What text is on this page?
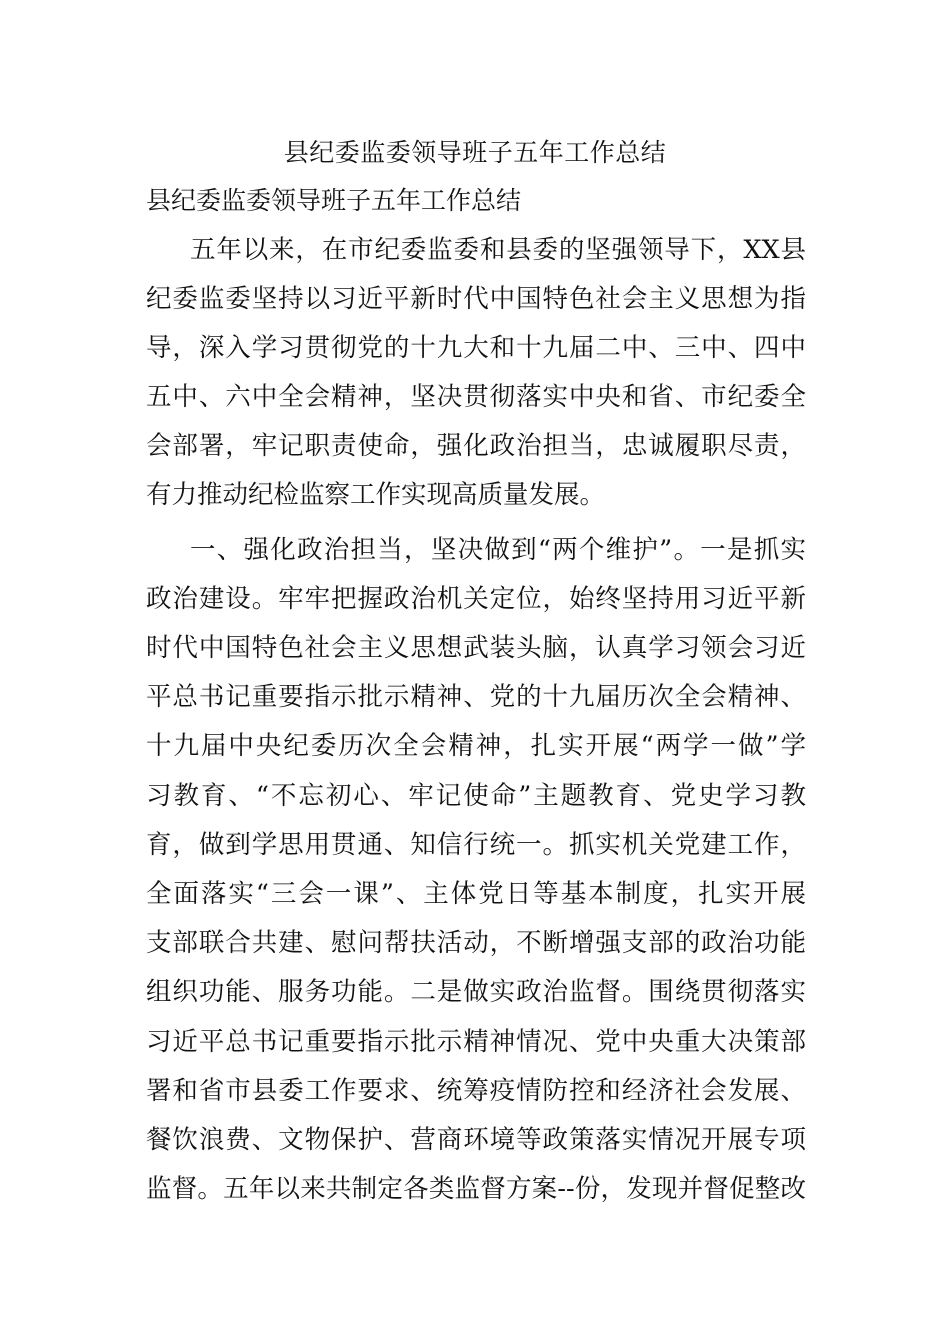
县纪委监委领导班子五年工作总结
县纪委监委领导班子五年工作总结
五年以来，在市纪委监委和县委的坚强领导下，XX县
纪委监委坚持以习近平新时代中国特色社会主义思想为指
导，深入学习贯彻党的十九大和十九届二中、三中、四中
五中、六中全会精神，坚决贯彻落实中央和省、市纪委全
会部署，牢记职责使命，强化政治担当，忠诚履职尽责，
有力推动纪检监察工作实现高质量发展。
一、强化政治担当，坚决做到“两个维护”。一是抓实
政治建设。牢牢把握政治机关定位，始终坚持用习近平新
时代中国特色社会主义思想武装头脑，认真学习领会习近
平总书记重要指示批示精神、党的十九届历次全会精神、
十九届中央纪委历次全会精神，扎实开展“两学一做”学
习教育、“不忘初心、牢记使命”主题教育、党史学习教
育，做到学思用贯通、知信行统一。抓实机关党建工作，
全面落实“三会一课”、主体党日等基本制度，扎实开展
支部联合共建、慰问帮扶活动，不断增强支部的政治功能
组织功能、服务功能。二是做实政治监督。围绕贯彻落实
习近平总书记重要指示批示精神情况、党中央重大决策部
署和省市县委工作要求、统筹疫情防控和经济社会发展、
餐饮浪费、文物保护、营商环境等政策落实情况开展专项
监督。五年以来共制定各类监督方案--份，发现并督促整改
